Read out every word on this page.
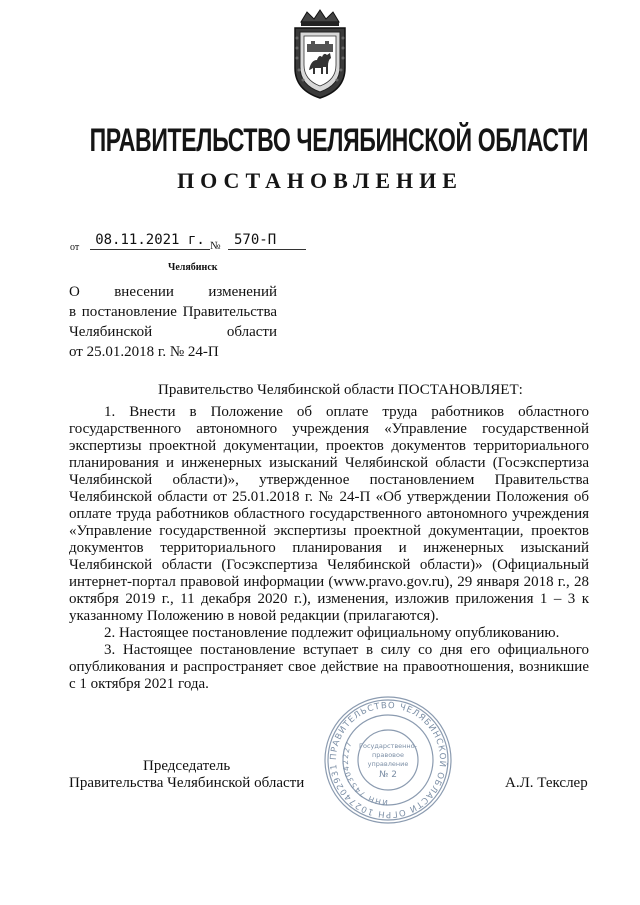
ПРАВИТЕЛЬСТВО ЧЕЛЯБИНСКОЙ ОБЛАСТИ
ПОСТАНОВЛЕНИЕ
от	08.11.2021 г. № 570-П
Челябинск
О внесении изменений
в постановление Правительства
Челябинской области
от 25.01.2018 г. № 24-П
Правительство Челябинской области ПОСТАНОВЛЯЕТ:

1. Внести в Положение об оплате труда работников областного государственного автономного учреждения «Управление государственной экспертизы проектной документации, проектов документов территориального планирования и инженерных изысканий Челябинской области (Госэкспертиза Челябинской области)», утвержденное постановлением Правительства Челябинской области от 25.01.2018 г. № 24-П «Об утверждении Положения об оплате труда работников областного государственного автономного учреждения «Управление государственной экспертизы проектной документации, проектов документов территориального планирования и инженерных изысканий Челябинской области (Госэкспертиза Челябинской области)» (Официальный интернет-портал правовой информации (www.pravo.gov.ru), 29 января 2018 г., 28 октября 2019 г., 11 декабря 2020 г.), изменения, изложив приложения 1 – 3 к указанному Положению в новой редакции (прилагаются).

2. Настоящее постановление подлежит официальному опубликованию.

3. Настоящее постановление вступает в силу со дня его официального опубликования и распространяет свое действие на правоотношения, возникшие с 1 октября 2021 года.

ПРАВИТЕЛЬСТВО ЧЕЛЯБИНСКОЙ ОБЛАСТИ ОГРН 1027402931
ИНН 7453042227 Государственно-
правовое
управление
№ 2
Председатель
Правительства Челябинской области	А.Л. Текслер
